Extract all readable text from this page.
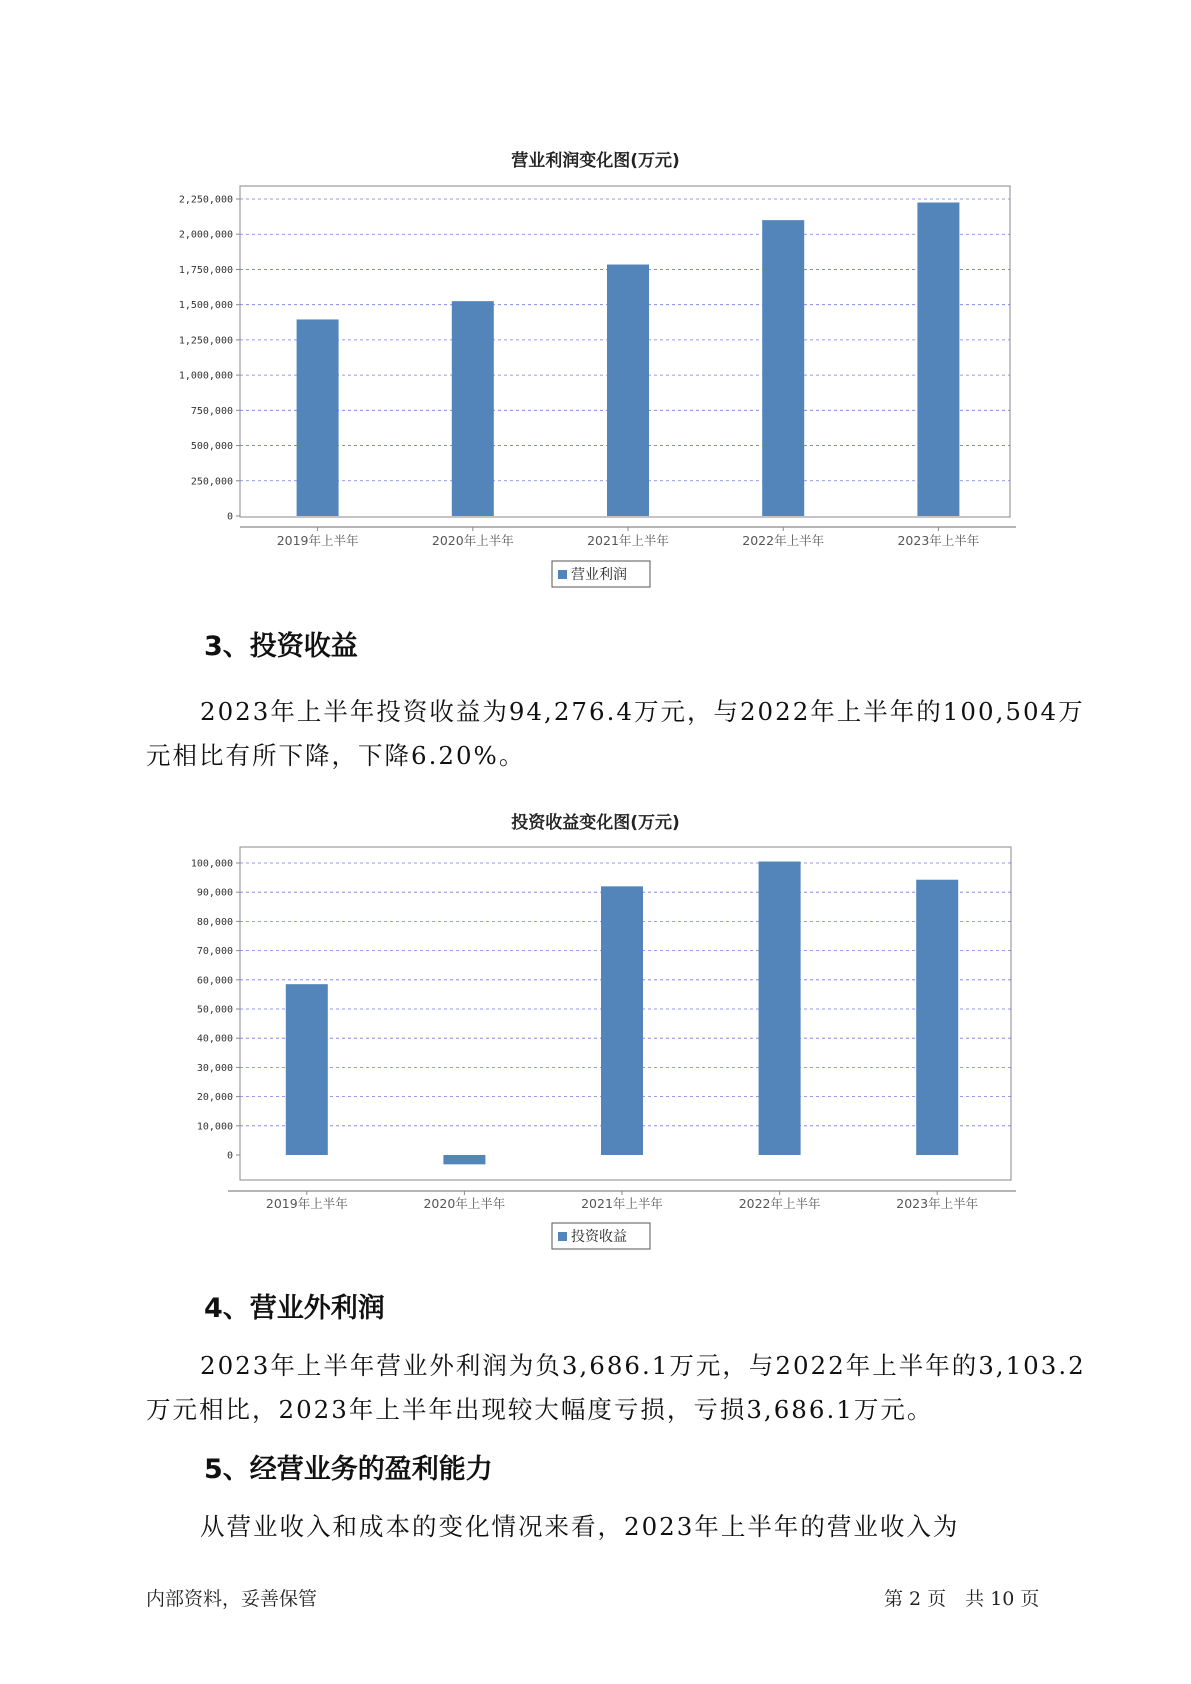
营业利润变化图(万元)
0
250,000
500,000
750,000
1,000,000
1,250,000
1,500,000
1,750,000
2,000,000
2,250,000
2019年上半年	2020年上半年	2021年上半年	2022年上半年	2023年上半年
营业利润
3、投资收益
2023年上半年投资收益为94,276.4万元，与2022年上半年的100,504万
元相比有所下降，下降6.20%。
投资收益变化图(万元)
0
10,000
20,000
30,000
40,000
50,000
60,000
70,000
80,000
90,000
100,000
2019年上半年	2020年上半年	2021年上半年	2022年上半年	2023年上半年
投资收益
4、营业外利润
2023年上半年营业外利润为负3,686.1万元，与2022年上半年的3,103.2
万元相比，2023年上半年出现较大幅度亏损，亏损3,686.1万元。
5、经营业务的盈利能力
从营业收入和成本的变化情况来看，2023年上半年的营业收入为
内部资料，妥善保管	第 2 页　共 10 页
